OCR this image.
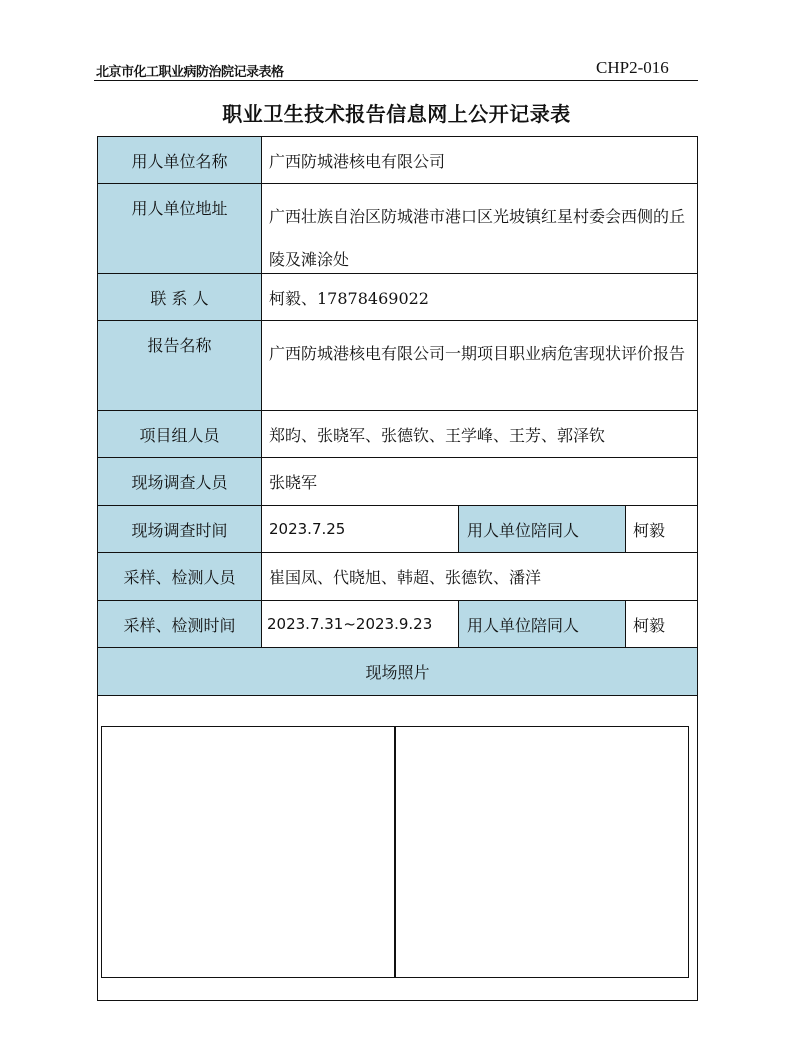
北京市化工职业病防治院记录表格	CHP2-016
职业卫生技术报告信息网上公开记录表
用人单位名称	广西防城港核电有限公司
用人单位地址	广西壮族自治区防城港市港口区光坡镇红星村委会西侧的丘陵及滩涂处
联 系 人	柯毅、17878469022
报告名称	广西防城港核电有限公司一期项目职业病危害现状评价报告
项目组人员	郑昀、张晓军、张德钦、王学峰、王芳、郭泽钦
现场调查人员	张晓军
现场调查时间	2023.7.25	用人单位陪同人	柯毅
采样、检测人员	崔国凤、代晓旭、韩超、张德钦、潘洋
采样、检测时间	2023.7.31~2023.9.23	用人单位陪同人	柯毅
现场照片
